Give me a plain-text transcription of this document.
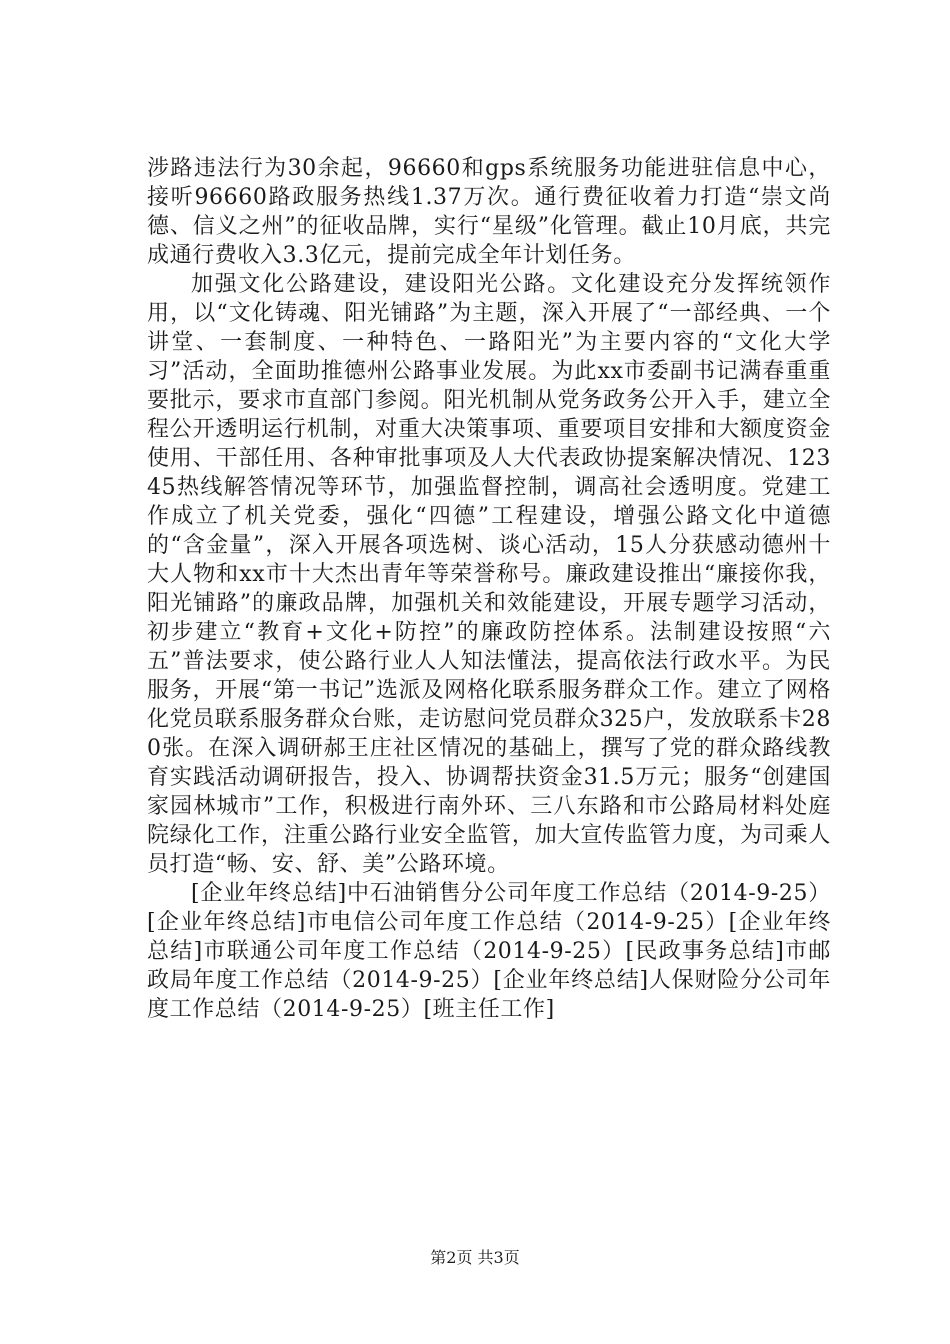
涉路违法行为30余起，96660和gps系统服务功能进驻信息中心，接听96660路政服务热线1.37万次。通行费征收着力打造“崇文尚德、信义之州”的征收品牌，实行“星级”化管理。截止10月底，共完成通行费收入3.3亿元，提前完成全年计划任务。

加强文化公路建设，建设阳光公路。文化建设充分发挥统领作用，以“文化铸魂、阳光铺路”为主题，深入开展了“一部经典、一个讲堂、一套制度、一种特色、一路阳光”为主要内容的“文化大学习”活动，全面助推德州公路事业发展。为此xx市委副书记满春重重要批示，要求市直部门参阅。阳光机制从党务政务公开入手，建立全程公开透明运行机制，对重大决策事项、重要项目安排和大额度资金使用、干部任用、各种审批事项及人大代表政协提案解决情况、12345热线解答情况等环节，加强监督控制，调高社会透明度。党建工作成立了机关党委，强化“四德”工程建设，增强公路文化中道德的“含金量”，深入开展各项选树、谈心活动，15人分获感动德州十大人物和xx市十大杰出青年等荣誉称号。廉政建设推出“廉接你我，阳光铺路”的廉政品牌，加强机关和效能建设，开展专题学习活动，初步建立“教育+文化+防控”的廉政防控体系。法制建设按照“六五”普法要求，使公路行业人人知法懂法，提高依法行政水平。为民服务，开展“第一书记”选派及网格化联系服务群众工作。建立了网格化党员联系服务群众台账，走访慰问党员群众325户，发放联系卡280张。在深入调研郝王庄社区情况的基础上，撰写了党的群众路线教育实践活动调研报告，投入、协调帮扶资金31.5万元；服务“创建国家园林城市”工作，积极进行南外环、三八东路和市公路局材料处庭院绿化工作，注重公路行业安全监管，加大宣传监管力度，为司乘人员打造“畅、安、舒、美”公路环境。

[企业年终总结]中石油销售分公司年度工作总结（2014-9-25）[企业年终总结]市电信公司年度工作总结（2014-9-25）[企业年终总结]市联通公司年度工作总结（2014-9-25）[民政事务总结]市邮政局年度工作总结（2014-9-25）[企业年终总结]人保财险分公司年度工作总结（2014-9-25）[班主任工作]

第2页 共3页
